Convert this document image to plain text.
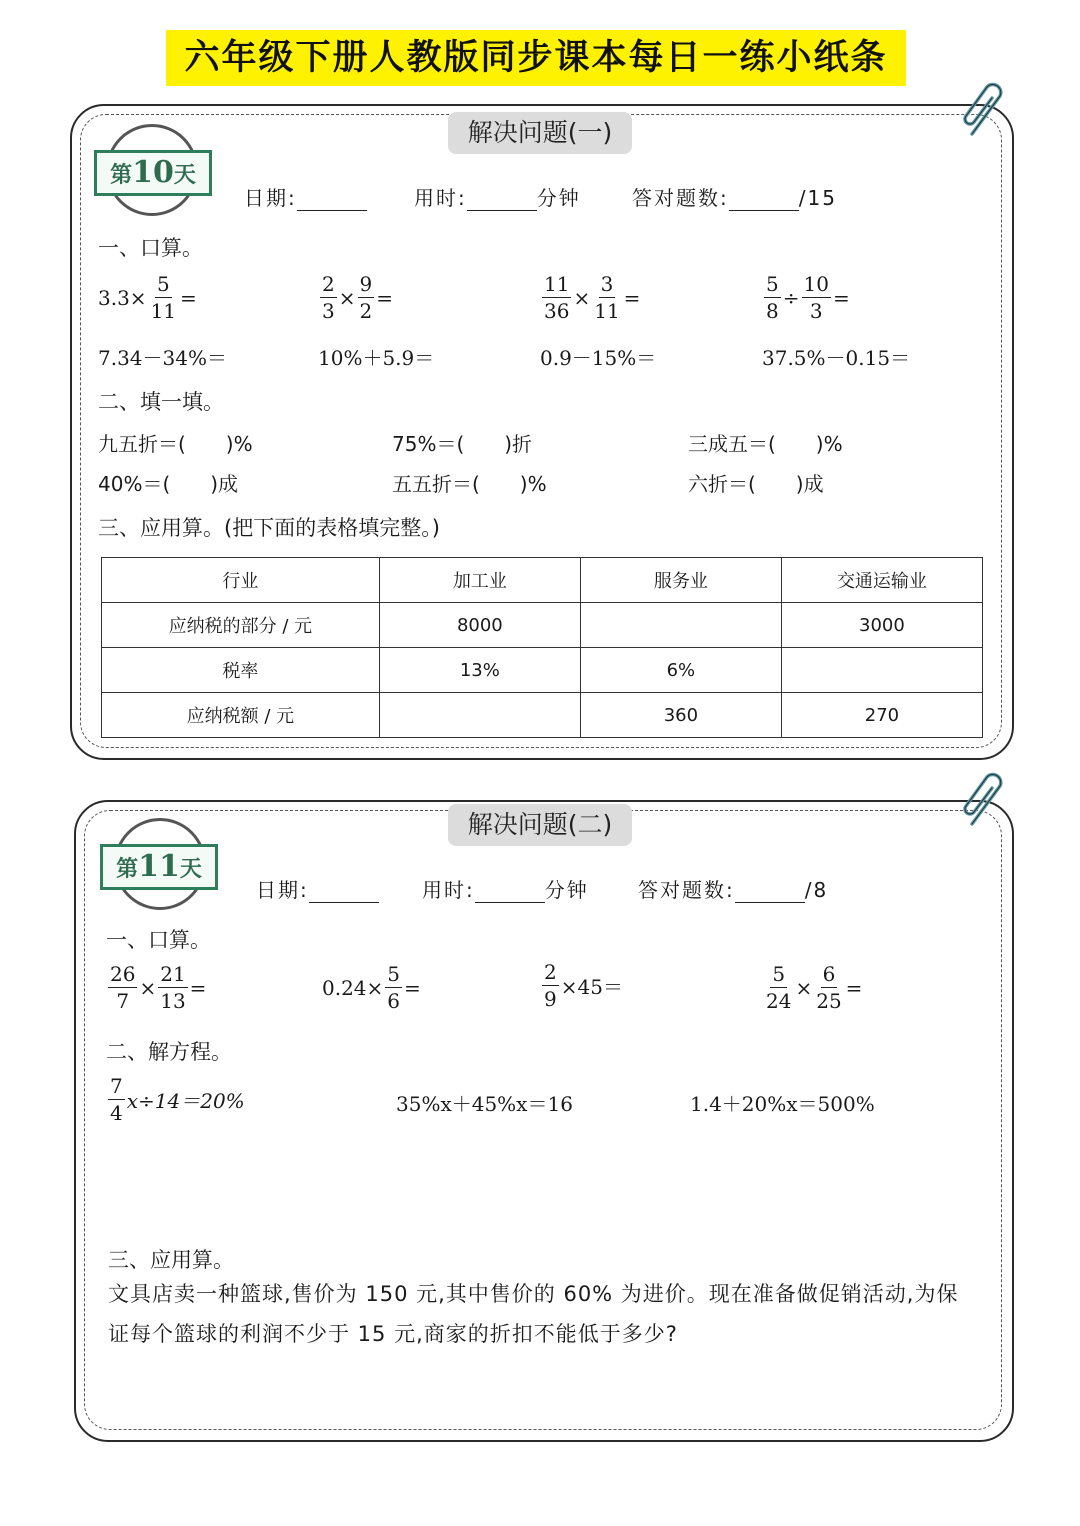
六年级下册人教版同步课本每日一练小纸条
解决问题(一)
第10天
日期:	用时:	分钟	答对题数:	/15
一、口算。
$3.3\times \frac{5}{11}$ =	$\frac{2}{3} \times \frac{9}{2}$ =	$\frac{11}{36} \times \frac{3}{11}$ =	$\frac{5}{8} \div \frac{10}{3}$ =
7.34－34%＝	10%＋5.9＝	0.9－15%＝	37.5%－0.15＝
二、填一填。
九五折＝(　　)%	75%＝(　　)折	三成五＝(　　)%
40%＝(　　)成	五五折＝(　　)%	六折＝(　　)成
三、应用算。(把下面的表格填完整。)
行业	加工业	服务业	交通运输业
应纳税的部分 / 元	8000		3000
税率	13%	6%	
应纳税额 / 元		360	270
解决问题(二)
第11天
日期:	用时:	分钟 答对题数:	/8
一、口算。
$\frac{26}{7} \times \frac{21}{13}$ =	$0.24\times \frac{5}{6}$ =	$\frac{2}{9} \times 45=$	$\frac{5}{24} \times \frac{6}{25}$ =
二、解方程。
$\frac{7}{4} x\div 14=20\%$	35%x＋45%x＝16	1.4＋20%x＝500%
三、应用算。
文具店卖一种篮球,售价为 150 元,其中售价的 60% 为进价。现在准备做促销活动,为保
证每个篮球的利润不少于 15 元,商家的折扣不能低于多少?
